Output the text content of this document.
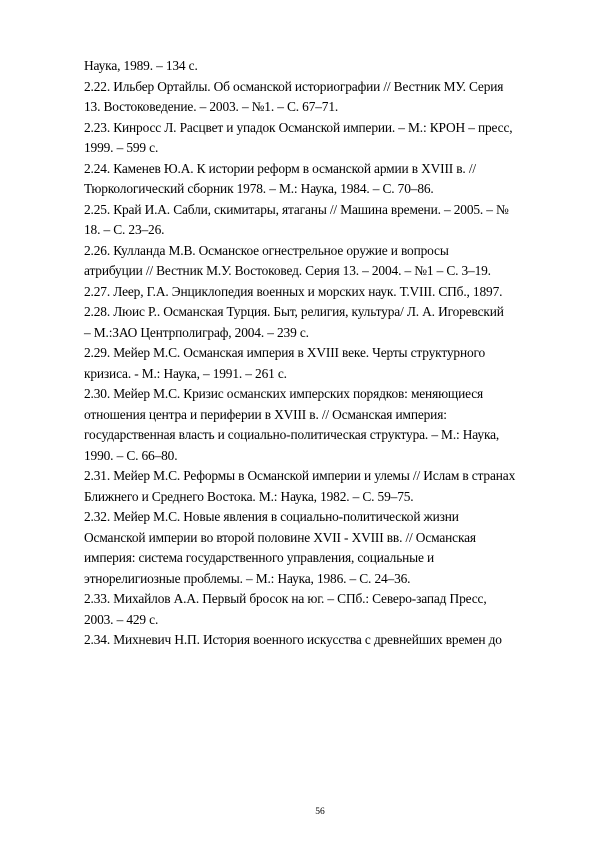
Наука, 1989. – 134 с.
2.22. Ильбер Ортайлы. Об османской историографии // Вестник МУ. Серия
13. Востоковедение. – 2003. – №1. – С. 67–71.
2.23. Кинросс Л. Расцвет и упадок Османской империи. – М.: КРОН – пресс,
1999. – 599 с.
2.24. Каменев Ю.А. К истории реформ в османской армии в XVIII в. //
Тюркологический сборник 1978. – М.: Наука, 1984. – С. 70–86.
2.25. Край И.А. Сабли, скимитары, ятаганы // Машина времени. – 2005. – №
18. – С. 23–26.
2.26. Кулланда М.В. Османское огнестрельное оружие и вопросы
атрибуции // Вестник М.У. Востоковед. Серия 13. – 2004. – №1 – С. 3–19.
2.27. Леер, Г.А. Энциклопедия военных и морских наук. Т.VIII. СПб., 1897.
2.28. Люис Р.. Османская Турция. Быт, религия, культура/ Л. А. Игоревский
– М.:ЗАО Центрполиграф, 2004. – 239 с.
2.29. Мейер М.С. Османская империя в XVIII веке. Черты структурного
кризиса. - М.: Наука, – 1991. – 261 с.
2.30. Мейер М.С. Кризис османских имперских порядков: меняющиеся
отношения центра и периферии в XVIII в. // Османская империя:
государственная власть и социально-политическая структура. – М.: Наука,
1990. – С. 66–80.
2.31. Мейер М.С. Реформы в Османской империи и улемы // Ислам в странах
Ближнего и Среднего Востока. М.: Наука, 1982. – С. 59–75.
2.32. Мейер М.С. Новые явления в социально-политической жизни
Османской империи во второй половине XVII - XVIII вв. // Османская
империя: система государственного управления, социальные и
этнорелигиозные проблемы. – М.: Наука, 1986. – С. 24–36.
2.33. Михайлов А.А. Первый бросок на юг. – СПб.: Северо-запад Пресс,
2003. – 429 с.
2.34. Михневич Н.П. История военного искусства с древнейших времен до
56
